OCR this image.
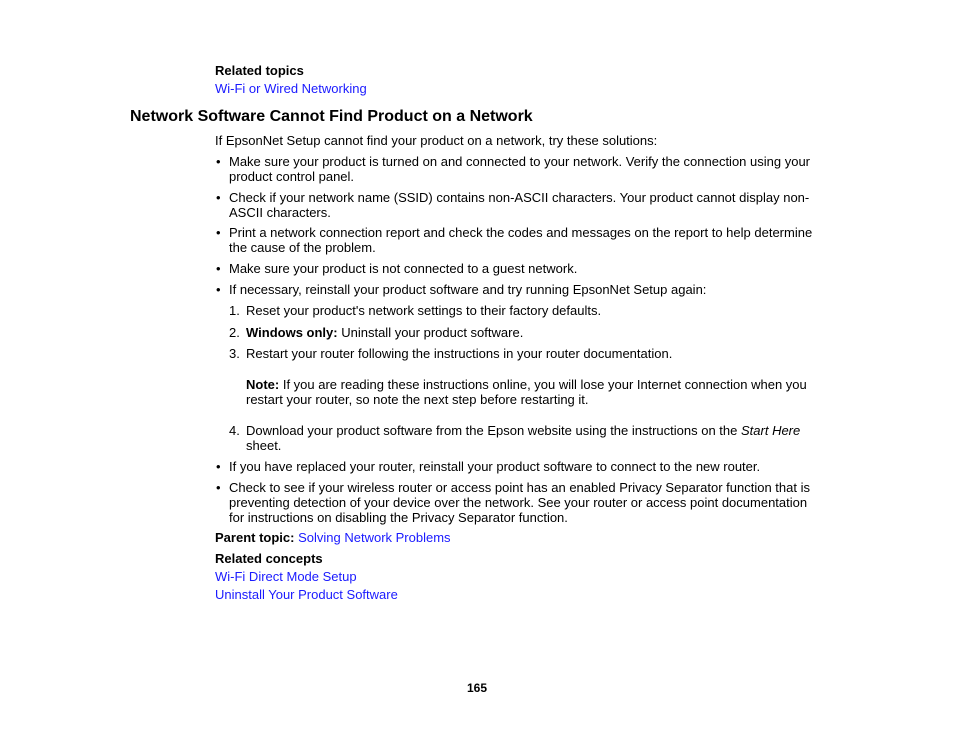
Related topics
Wi-Fi or Wired Networking
Network Software Cannot Find Product on a Network
If EpsonNet Setup cannot find your product on a network, try these solutions:
• Make sure your product is turned on and connected to your network. Verify the connection using your
product control panel.
• Check if your network name (SSID) contains non-ASCII characters. Your product cannot display non-
ASCII characters.
• Print a network connection report and check the codes and messages on the report to help determine
the cause of the problem.
• Make sure your product is not connected to a guest network.
• If necessary, reinstall your product software and try running EpsonNet Setup again:
1. Reset your product's network settings to their factory defaults.
2. Windows only: Uninstall your product software.
3. Restart your router following the instructions in your router documentation.
Note: If you are reading these instructions online, you will lose your Internet connection when you
restart your router, so note the next step before restarting it.
4. Download your product software from the Epson website using the instructions on the Start Here
sheet.
• If you have replaced your router, reinstall your product software to connect to the new router.
• Check to see if your wireless router or access point has an enabled Privacy Separator function that is
preventing detection of your device over the network. See your router or access point documentation
for instructions on disabling the Privacy Separator function.
Parent topic: Solving Network Problems
Related concepts
Wi-Fi Direct Mode Setup
Uninstall Your Product Software
165
